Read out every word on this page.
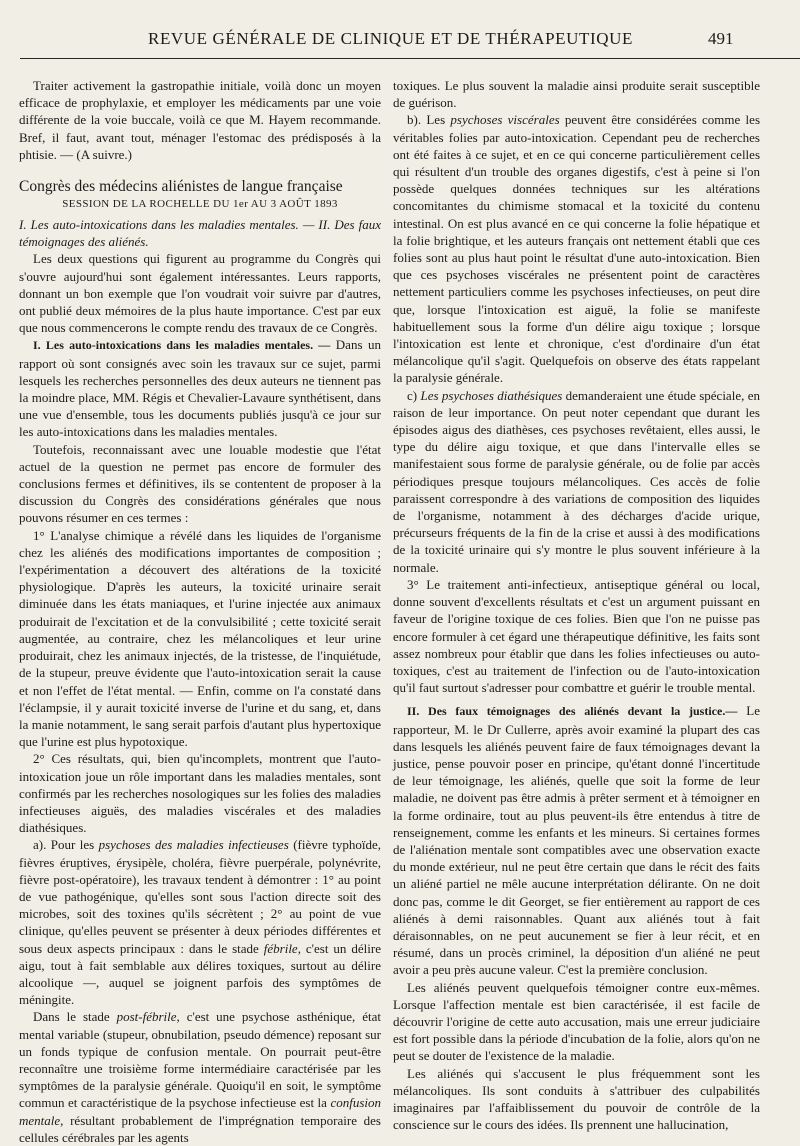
REVUE GÉNÉRALE DE CLINIQUE ET DE THÉRAPEUTIQUE	491

Traiter activement la gastropathie initiale, voilà donc un moyen efficace de prophylaxie, et employer les médicaments par une voie différente de la voie buccale, voilà ce que M. Hayem recommande. Bref, il faut, avant tout, ménager l'estomac des prédisposés à la phtisie. — (A suivre.)

Congrès des médecins aliénistes de langue française

SESSION DE LA ROCHELLE DU 1er AU 3 AOÛT 1893

I. Les auto-intoxications dans les maladies mentales. — II. Des faux témoignages des aliénés.

Les deux questions qui figurent au programme du Congrès qui s'ouvre aujourd'hui sont également intéressantes. Leurs rapports, donnant un bon exemple que l'on voudrait voir suivre par d'autres, ont publié deux mémoires de la plus haute importance. C'est par eux que nous commencerons le compte rendu des travaux de ce Congrès.

I. Les auto-intoxications dans les maladies mentales. — Dans un rapport où sont consignés avec soin les travaux sur ce sujet, parmi lesquels les recherches personnelles des deux auteurs ne tiennent pas la moindre place, MM. Régis et Chevalier-Lavaure synthétisent, dans une vue d'ensemble, tous les documents publiés jusqu'à ce jour sur les auto-intoxications dans les maladies mentales.

Toutefois, reconnaissant avec une louable modestie que l'état actuel de la question ne permet pas encore de formuler des conclusions fermes et définitives, ils se contentent de proposer à la discussion du Congrès des considérations générales que nous pouvons résumer en ces termes :

1° L'analyse chimique a révélé dans les liquides de l'organisme chez les aliénés des modifications importantes de composition ; l'expérimentation a découvert des altérations de la toxicité physiologique. D'après les auteurs, la toxicité urinaire serait diminuée dans les états maniaques, et l'urine injectée aux animaux produirait de l'excitation et de la convulsibilité ; cette toxicité serait augmentée, au contraire, chez les mélancoliques et leur urine produirait, chez les animaux injectés, de la tristesse, de l'inquiétude, de la stupeur, preuve évidente que l'auto-intoxication serait la cause et non l'effet de l'état mental. — Enfin, comme on l'a constaté dans l'éclampsie, il y aurait toxicité inverse de l'urine et du sang, et, dans la manie notamment, le sang serait parfois d'autant plus hypertoxique que l'urine est plus hypotoxique.

2° Ces résultats, qui, bien qu'incomplets, montrent que l'auto-intoxication joue un rôle important dans les maladies mentales, sont confirmés par les recherches nosologiques sur les folies des maladies infectieuses aiguës, des maladies viscérales et des maladies diathésiques.

a). Pour les psychoses des maladies infectieuses (fièvre typhoïde, fièvres éruptives, érysipèle, choléra, fièvre puerpérale, polynévrite, fièvre post-opératoire), les travaux tendent à démontrer : 1° au point de vue pathogénique, qu'elles sont sous l'action directe soit des microbes, soit des toxines qu'ils sécrètent ; 2° au point de vue clinique, qu'elles peuvent se présenter à deux périodes différentes et sous deux aspects principaux : dans le stade fébrile, c'est un délire aigu, tout à fait semblable aux délires toxiques, surtout au délire alcoolique —, auquel se joignent parfois des symptômes de méningite.

Dans le stade post-fébrile, c'est une psychose asthénique, état mental variable (stupeur, obnubilation, pseudo démence) reposant sur un fonds typique de confusion mentale. On pourrait peut-être reconnaître une troisième forme intermédiaire caractérisée par les symptômes de la paralysie générale. Quoiqu'il en soit, le symptôme commun et caractéristique de la psychose infectieuse est la confusion mentale, résultant probablement de l'imprégnation temporaire des cellules cérébrales par les agents

toxiques. Le plus souvent la maladie ainsi produite serait susceptible de guérison.

b). Les psychoses viscérales peuvent être considérées comme les véritables folies par auto-intoxication. Cependant peu de recherches ont été faites à ce sujet, et en ce qui concerne particulièrement celles qui résultent d'un trouble des organes digestifs, c'est à peine si l'on possède quelques données techniques sur les altérations concomitantes du chimisme stomacal et la toxicité du contenu intestinal. On est plus avancé en ce qui concerne la folie hépatique et la folie brightique, et les auteurs français ont nettement établi que ces folies sont au plus haut point le résultat d'une auto-intoxication. Bien que ces psychoses viscérales ne présentent point de caractères nettement particuliers comme les psychoses infectieuses, on peut dire que, lorsque l'intoxication est aiguë, la folie se manifeste habituellement sous la forme d'un délire aigu toxique ; lorsque l'intoxication est lente et chronique, c'est d'ordinaire d'un état mélancolique qu'il s'agit. Quelquefois on observe des états rappelant la paralysie générale.

c) Les psychoses diathésiques demanderaient une étude spéciale, en raison de leur importance. On peut noter cependant que durant les épisodes aigus des diathèses, ces psychoses revêtaient, elles aussi, le type du délire aigu toxique, et que dans l'intervalle elles se manifestaient sous forme de paralysie générale, ou de folie par accès périodiques presque toujours mélancoliques. Ces accès de folie paraissent correspondre à des variations de composition des liquides de l'organisme, notamment à des décharges d'acide urique, précurseurs fréquents de la fin de la crise et aussi à des modifications de la toxicité urinaire qui s'y montre le plus souvent inférieure à la normale.

3° Le traitement anti-infectieux, antiseptique général ou local, donne souvent d'excellents résultats et c'est un argument puissant en faveur de l'origine toxique de ces folies. Bien que l'on ne puisse pas encore formuler à cet égard une thérapeutique définitive, les faits sont assez nombreux pour établir que dans les folies infectieuses ou auto-toxiques, c'est au traitement de l'infection ou de l'auto-intoxication qu'il faut surtout s'adresser pour combattre et guérir le trouble mental.

II. Des faux témoignages des aliénés devant la justice.— Le rapporteur, M. le Dr Cullerre, après avoir examiné la plupart des cas dans lesquels les aliénés peuvent faire de faux témoignages devant la justice, pense pouvoir poser en principe, qu'étant donné l'incertitude de leur témoignage, les aliénés, quelle que soit la forme de leur maladie, ne doivent pas être admis à prêter serment et à témoigner en la forme ordinaire, tout au plus peuvent-ils être entendus à titre de renseignement, comme les enfants et les mineurs. Si certaines formes de l'aliénation mentale sont compatibles avec une observation exacte du monde extérieur, nul ne peut être certain que dans le récit des faits un aliéné partiel ne mêle aucune interprétation délirante. On ne doit donc pas, comme le dit Georget, se fier entièrement au rapport de ces aliénés à demi raisonnables. Quant aux aliénés tout à fait déraisonnables, on ne peut aucunement se fier à leur récit, et en résumé, dans un procès criminel, la déposition d'un aliéné ne peut avoir a peu près aucune valeur. C'est la première conclusion.

Les aliénés peuvent quelquefois témoigner contre eux-mêmes. Lorsque l'affection mentale est bien caractérisée, il est facile de découvrir l'origine de cette auto accusation, mais une erreur judiciaire est fort possible dans la période d'incubation de la folie, alors qu'on ne peut se douter de l'existence de la maladie.

Les aliénés qui s'accusent le plus fréquemment sont les mélancoliques. Ils sont conduits à s'attribuer des culpabilités imaginaires par l'affaiblissement du pouvoir de contrôle de la conscience sur le cours des idées. Ils prennent une hallucination,
